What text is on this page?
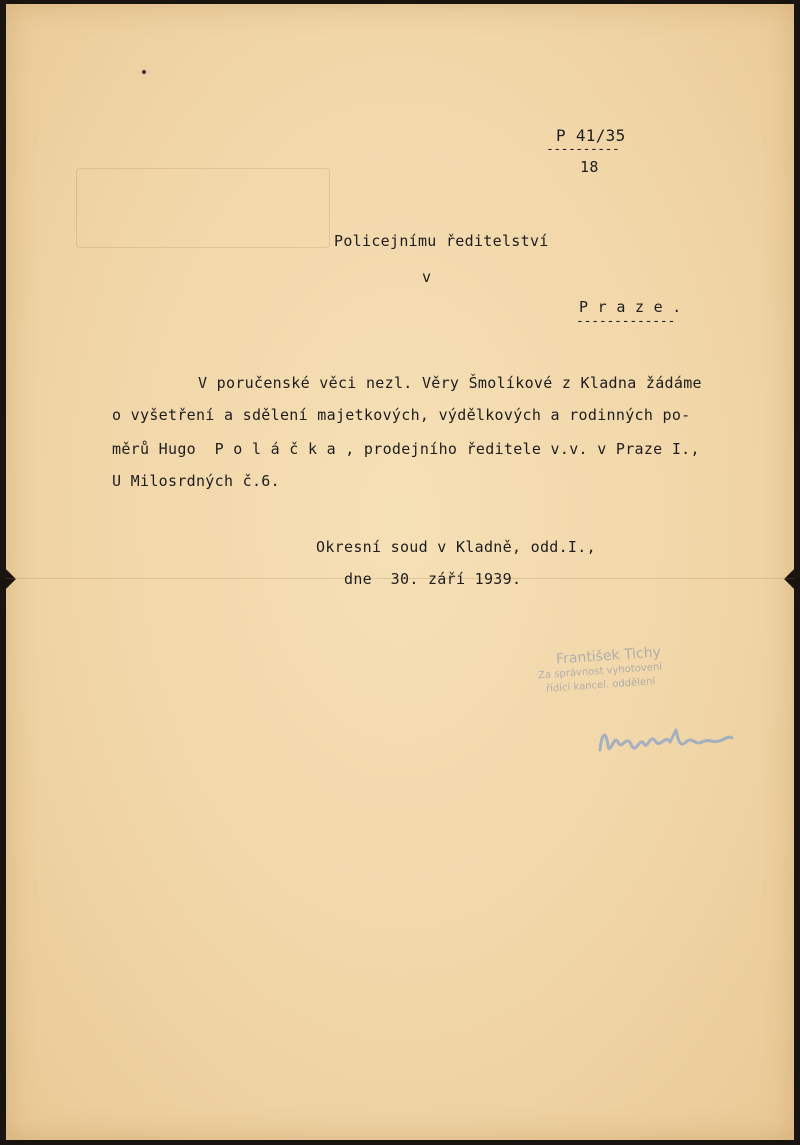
P 41/35

----------

18

Policejnímu ředitelství

v

P r a z e .

-------------

V poručenské věci nezl. Věry Šmolíkové z Kladna žádáme

o vyšetření a sdělení majetkových, výdělkových a rodinných po-

měrů Hugo  P o l á č k a , prodejního ředitele v.v. v Praze I.,

U Milosrdných č.6.

Okresní soud v Kladně, odd.I.,

dne  30. září 1939.

František Tichy

Za správnost vyhotovení

řídící kancel. oddělení
